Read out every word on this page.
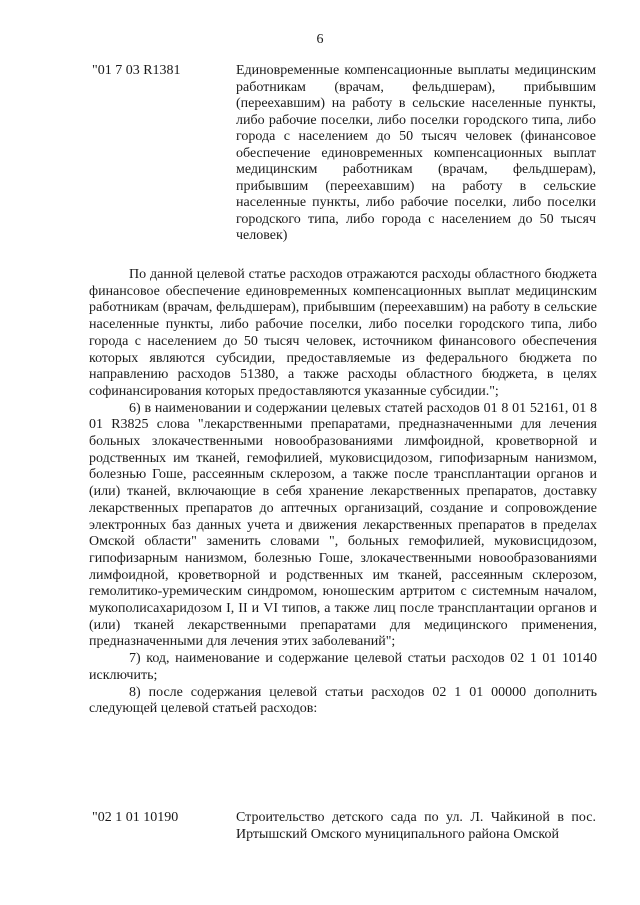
6
"01 7 03 R1381	Единовременные компенсационные выплаты медицинским работникам (врачам, фельдшерам), прибывшим (переехавшим) на работу в сельские населенные пункты, либо рабочие поселки, либо поселки городского типа, либо города с населением до 50 тысяч человек (финансовое обеспечение единовременных компенсационных выплат медицинским работникам (врачам, фельдшерам), прибывшим (переехавшим) на работу в сельские населенные пункты, либо рабочие поселки, либо поселки городского типа, либо города с населением до 50 тысяч человек)

По данной целевой статье расходов отражаются расходы областного бюджета финансовое обеспечение единовременных компенсационных выплат медицинским работникам (врачам, фельдшерам), прибывшим (переехавшим) на работу в сельские населенные пункты, либо рабочие поселки, либо поселки городского типа, либо города с населением до 50 тысяч человек, источником финансового обеспечения которых являются субсидии, предоставляемые из федерального бюджета по направлению расходов 51380, а также расходы областного бюджета, в целях софинансирования которых предоставляются указанные субсидии.";

6) в наименовании и содержании целевых статей расходов 01 8 01 52161, 01 8 01 R3825 слова "лекарственными препаратами, предназначенными для лечения больных злокачественными новообразованиями лимфоидной, кроветворной и родственных им тканей, гемофилией, муковисцидозом, гипофизарным нанизмом, болезнью Гоше, рассеянным склерозом, а также после трансплантации органов и (или) тканей, включающие в себя хранение лекарственных препаратов, доставку лекарственных препаратов до аптечных организаций, создание и сопровождение электронных баз данных учета и движения лекарственных препаратов в пределах Омской области" заменить словами ", больных гемофилией, муковисцидозом, гипофизарным нанизмом, болезнью Гоше, злокачественными новообразованиями лимфоидной, кроветворной и родственных им тканей, рассеянным склерозом, гемолитико-уремическим синдромом, юношеским артритом с системным началом, мукополисахаридозом I, II и VI типов, а также лиц после трансплантации органов и (или) тканей лекарственными препаратами для медицинского применения, предназначенными для лечения этих заболеваний";

7) код, наименование и содержание целевой статьи расходов 02 1 01 10140 исключить;

8) после содержания целевой статьи расходов 02 1 01 00000 дополнить следующей целевой статьей расходов:

"02 1 01 10190	Строительство детского сада по ул. Л. Чайкиной в пос. Иртышский Омского муниципального района Омской
